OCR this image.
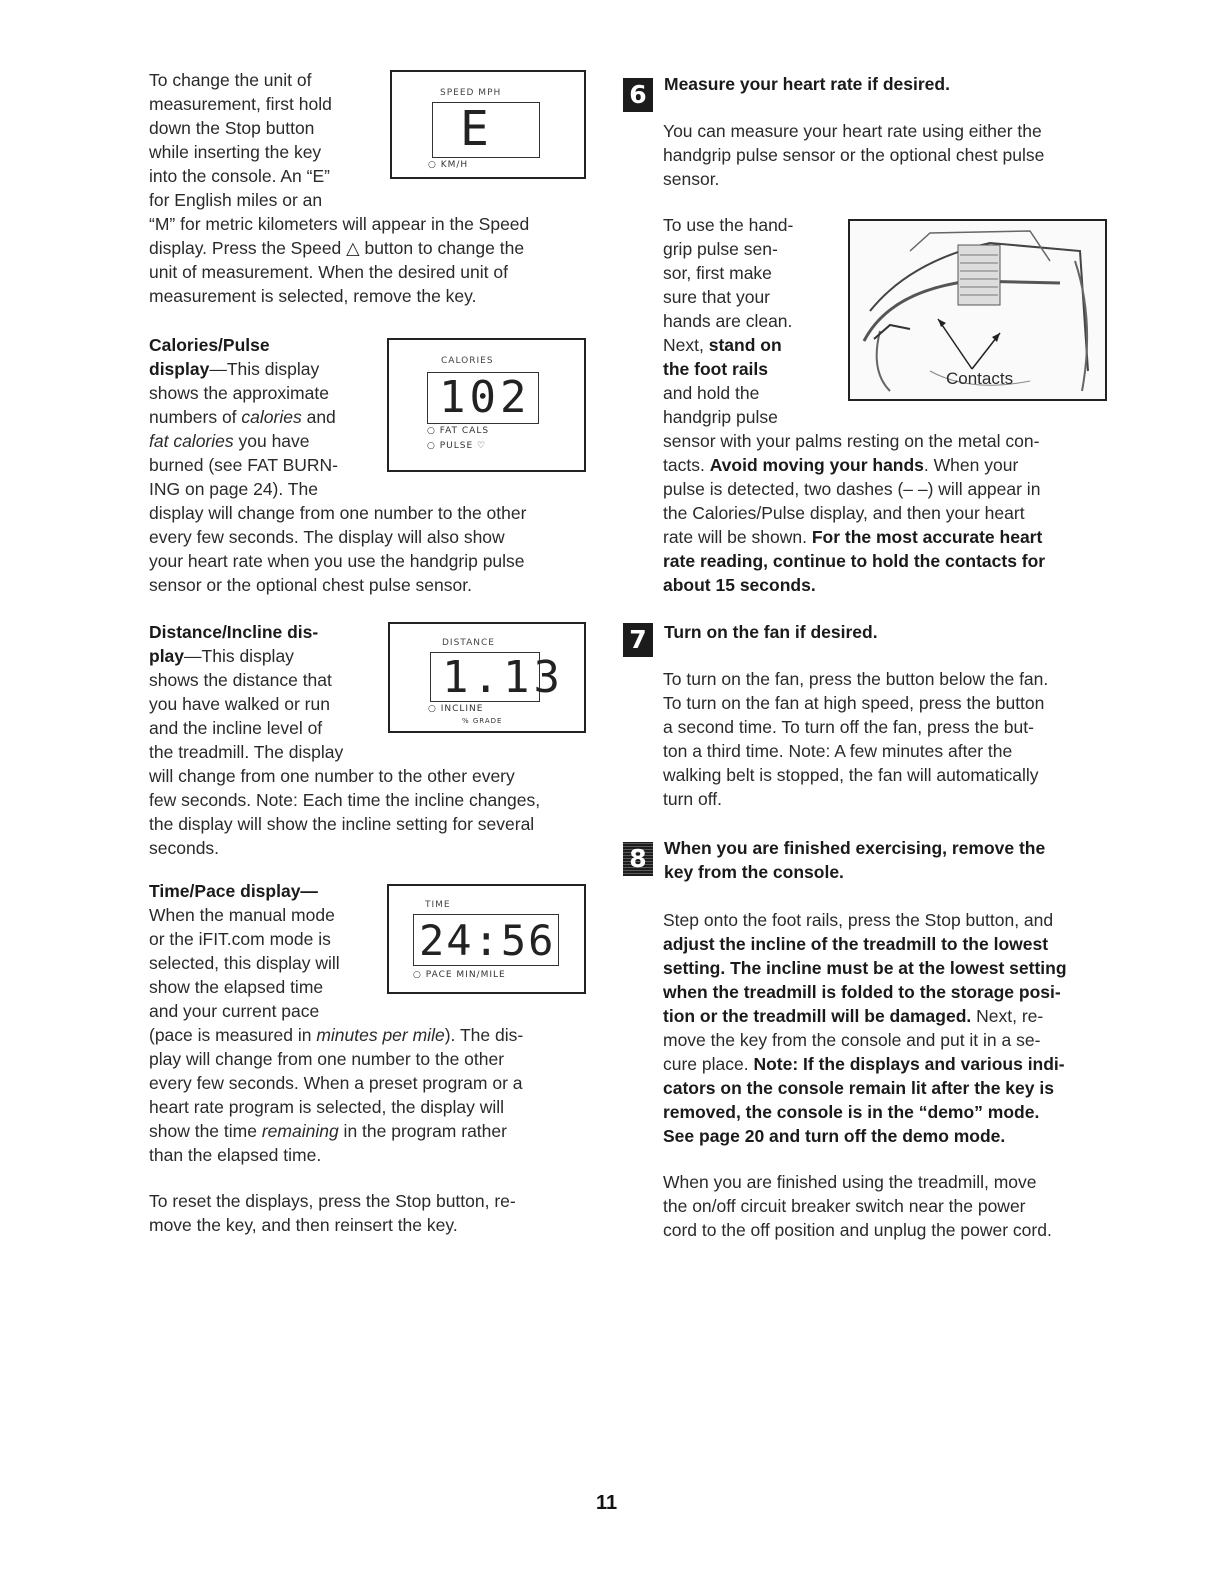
To change the unit of
measurement, first hold
down the Stop button
while inserting the key
into the console. An “E”
for English miles or an
“M” for metric kilometers will appear in the Speed
display. Press the Speed △ button to change the
unit of measurement. When the desired unit of
measurement is selected, remove the key.
SPEED MPH
E
○ KM/H
Calories/Pulse
display—This display
shows the approximate
numbers of calories and
fat calories you have
burned (see FAT BURN-
ING on page 24). The
display will change from one number to the other
every few seconds. The display will also show
your heart rate when you use the handgrip pulse
sensor or the optional chest pulse sensor.
CALORIES
102
○ FAT CALS
○ PULSE ♡
Distance/Incline dis-
play—This display
shows the distance that
you have walked or run
and the incline level of
the treadmill. The display
will change from one number to the other every
few seconds. Note: Each time the incline changes,
the display will show the incline setting for several
seconds.
DISTANCE
1.13
○ INCLINE
% GRADE
Time/Pace display—
When the manual mode
or the iFIT.com mode is
selected, this display will
show the elapsed time
and your current pace
(pace is measured in minutes per mile). The dis-
play will change from one number to the other
every few seconds. When a preset program or a
heart rate program is selected, the display will
show the time remaining in the program rather
than the elapsed time.
TIME
24:56
○ PACE MIN/MILE
To reset the displays, press the Stop button, re-
move the key, and then reinsert the key.
6 Measure your heart rate if desired.
You can measure your heart rate using either the
handgrip pulse sensor or the optional chest pulse
sensor.
To use the hand-
grip pulse sen-
sor, first make
sure that your
hands are clean.
Next, stand on
the foot rails
and hold the
handgrip pulse
sensor with your palms resting on the metal con-
tacts. Avoid moving your hands. When your
pulse is detected, two dashes (– –) will appear in
the Calories/Pulse display, and then your heart
rate will be shown. For the most accurate heart
rate reading, continue to hold the contacts for
about 15 seconds.
Contacts
7 Turn on the fan if desired.
To turn on the fan, press the button below the fan.
To turn on the fan at high speed, press the button
a second time. To turn off the fan, press the but-
ton a third time. Note: A few minutes after the
walking belt is stopped, the fan will automatically
turn off.
8 When you are finished exercising, remove the
key from the console.
Step onto the foot rails, press the Stop button, and
adjust the incline of the treadmill to the lowest
setting. The incline must be at the lowest setting
when the treadmill is folded to the storage posi-
tion or the treadmill will be damaged. Next, re-
move the key from the console and put it in a se-
cure place. Note: If the displays and various indi-
cators on the console remain lit after the key is
removed, the console is in the “demo” mode.
See page 20 and turn off the demo mode.
When you are finished using the treadmill, move
the on/off circuit breaker switch near the power
cord to the off position and unplug the power cord.
11
